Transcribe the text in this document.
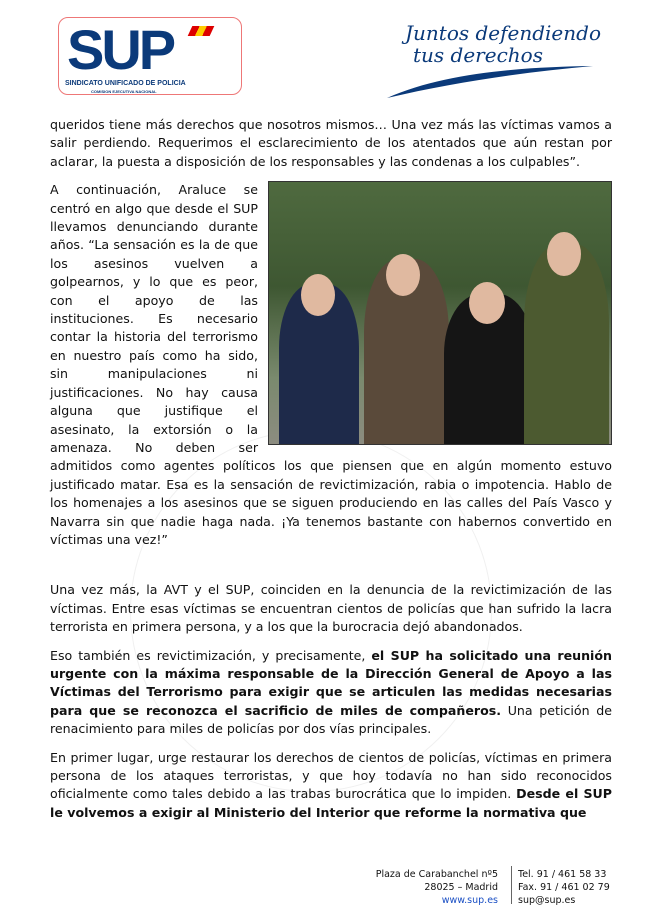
SUP
SINDICATO UNIFICADO DE POLICIA
COMISION EJECUTIVA NACIONAL
Juntos defendiendo
tus derechos

queridos tiene más derechos que nosotros mismos… Una vez más las víctimas vamos a salir perdiendo. Requerimos el esclarecimiento de los atentados que aún restan por aclarar, la puesta a disposición de los responsables y las condenas a los culpables”.

A continuación, Araluce se centró en algo que desde el SUP llevamos denunciando durante años. “La sensación es la de que los asesinos vuelven a golpearnos, y lo que es peor, con el apoyo de las instituciones. Es necesario contar la historia del terrorismo en nuestro país como ha sido, sin manipulaciones ni justificaciones. No hay causa alguna que justifique el asesinato, la extorsión o la amenaza. No deben ser admitidos como agentes políticos los que piensen que en algún momento estuvo justificado matar. Esa es la sensación de revictimización, rabia o impotencia. Hablo de los homenajes a los asesinos que se siguen produciendo en las calles del País Vasco y Navarra sin que nadie haga nada. ¡Ya tenemos bastante con habernos convertido en víctimas una vez!”

Una vez más, la AVT y el SUP, coinciden en la denuncia de la revictimización de las víctimas. Entre esas víctimas se encuentran cientos de policías que han sufrido la lacra terrorista en primera persona, y a los que la burocracia dejó abandonados.

Eso también es revictimización, y precisamente, el SUP ha solicitado una reunión urgente con la máxima responsable de la Dirección General de Apoyo a las Víctimas del Terrorismo para exigir que se articulen las medidas necesarias para que se reconozca el sacrificio de miles de compañeros. Una petición de renacimiento para miles de policías por dos vías principales.

En primer lugar, urge restaurar los derechos de cientos de policías, víctimas en primera persona de los ataques terroristas, y que hoy todavía no han sido reconocidos oficialmente como tales debido a las trabas burocrática que lo impiden. Desde el SUP le volvemos a exigir al Ministerio del Interior que reforme la normativa que

Plaza de Carabanchel nº5
28025 – Madrid
www.sup.es
Tel. 91 / 461 58 33
Fax. 91 / 461 02 79
sup@sup.es
